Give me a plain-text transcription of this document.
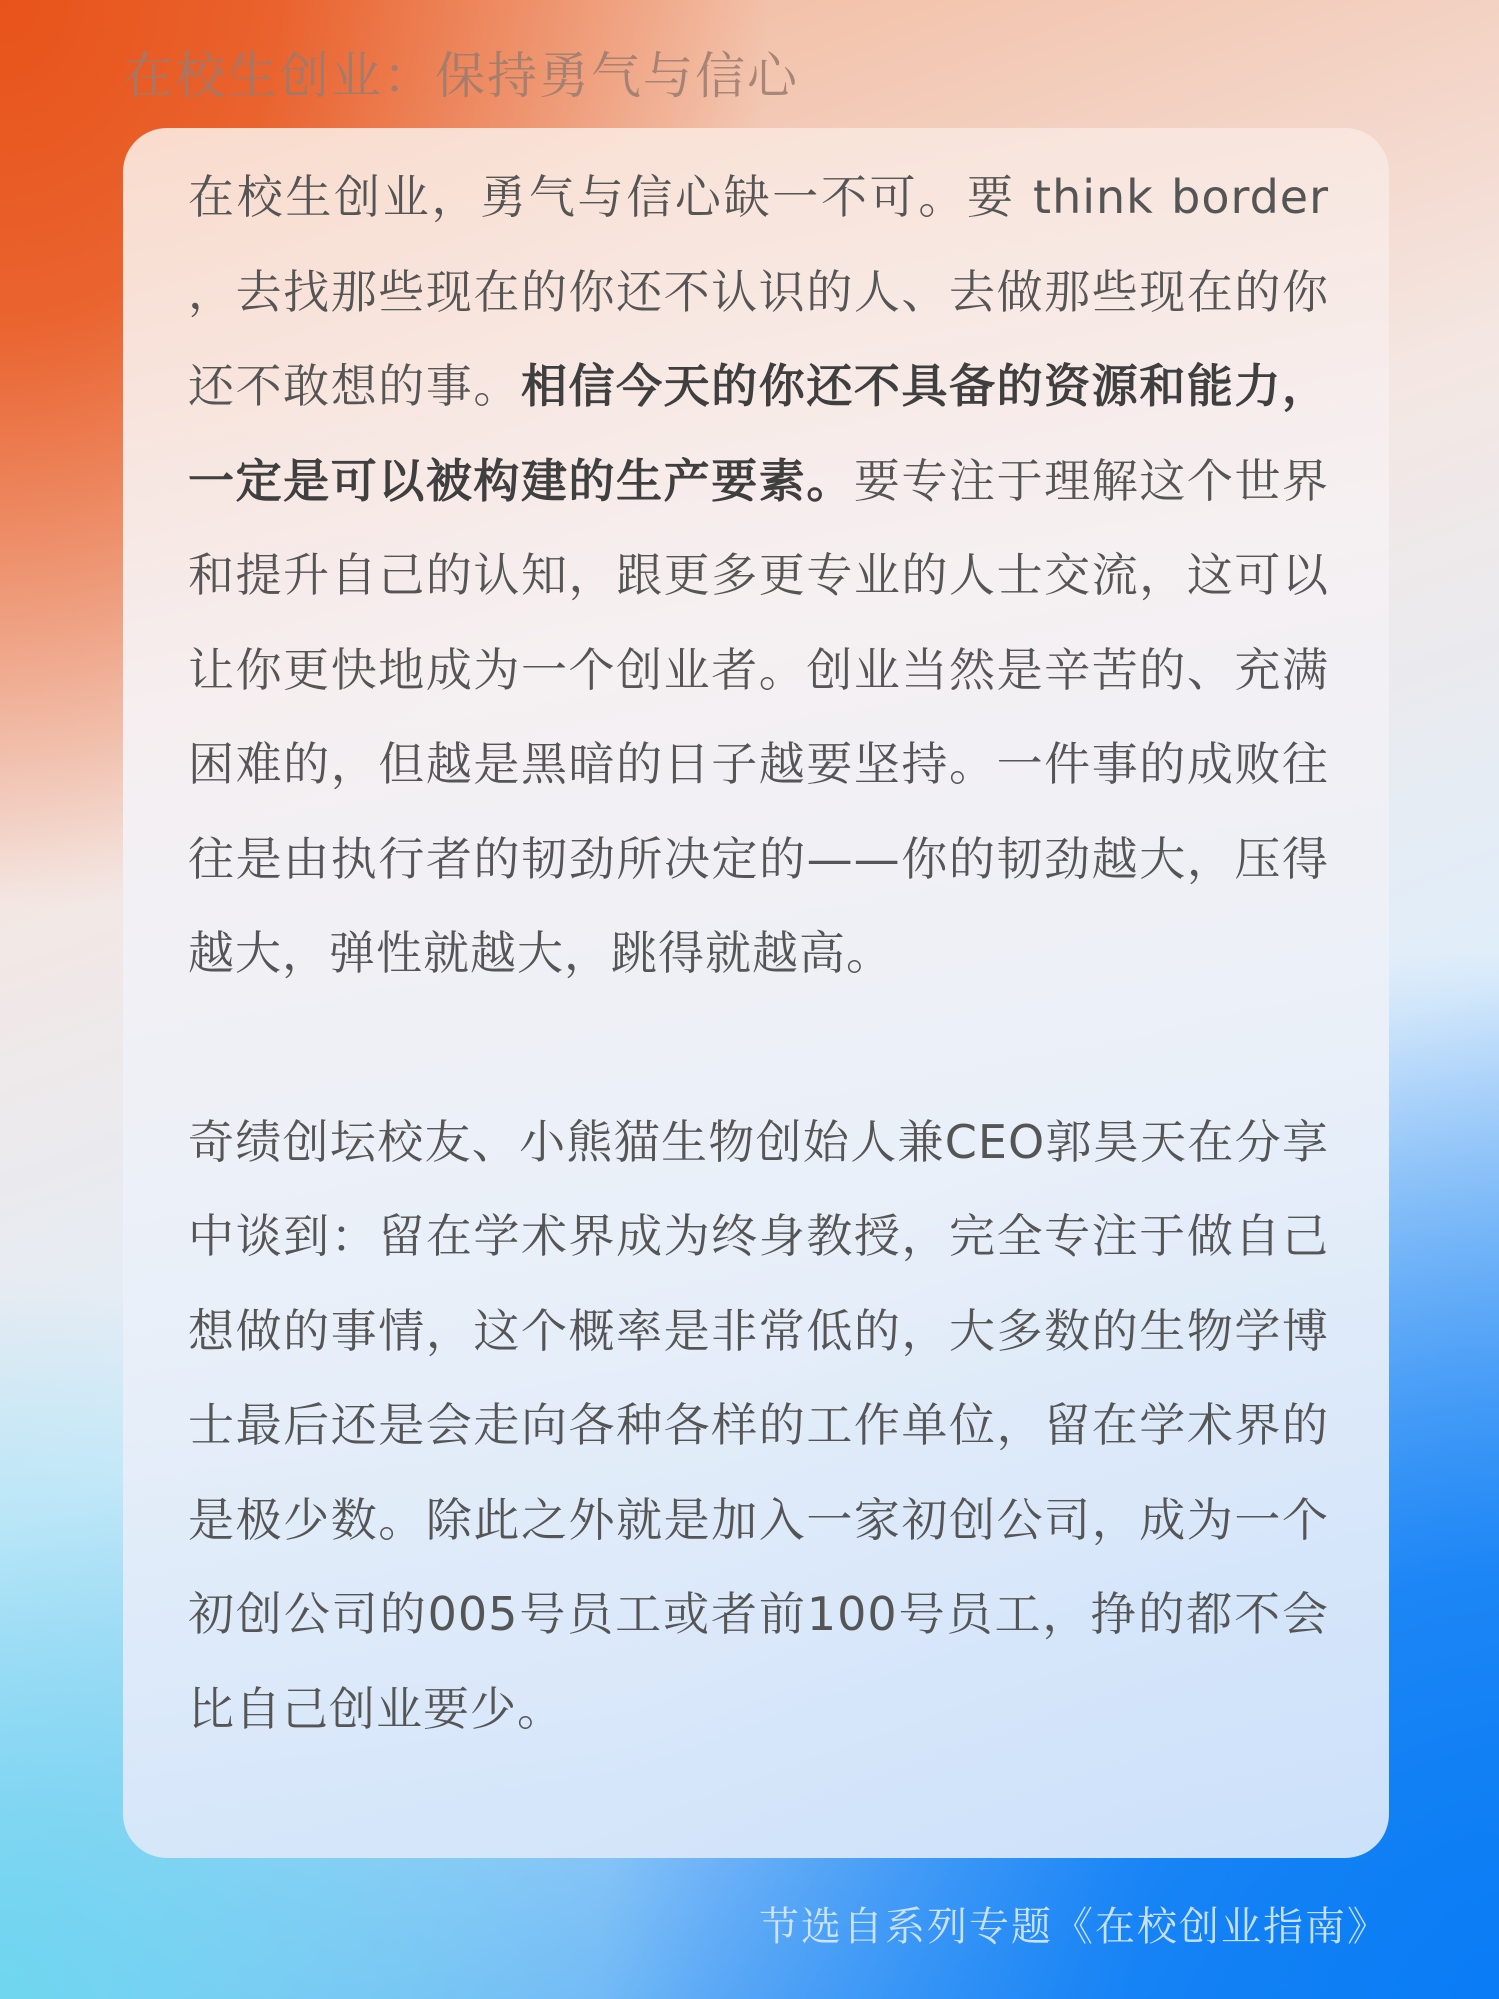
在校生创业：保持勇气与信心

在校生创业，勇气与信心缺一不可。要 think border ，去找那些现在的你还不认识的人、去做那些现在的你还不敢想的事。相信今天的你还不具备的资源和能力，一定是可以被构建的生产要素。要专注于理解这个世界和提升自己的认知，跟更多更专业的人士交流，这可以让你更快地成为一个创业者。创业当然是辛苦的、充满困难的，但越是黑暗的日子越要坚持。一件事的成败往往是由执行者的韧劲所决定的——你的韧劲越大，压得越大，弹性就越大，跳得就越高。

奇绩创坛校友、小熊猫生物创始人兼CEO郭昊天在分享中谈到：留在学术界成为终身教授，完全专注于做自己想做的事情，这个概率是非常低的，大多数的生物学博士最后还是会走向各种各样的工作单位，留在学术界的是极少数。除此之外就是加入一家初创公司，成为一个初创公司的005号员工或者前100号员工，挣的都不会比自己创业要少。

节选自系列专题《在校创业指南》
